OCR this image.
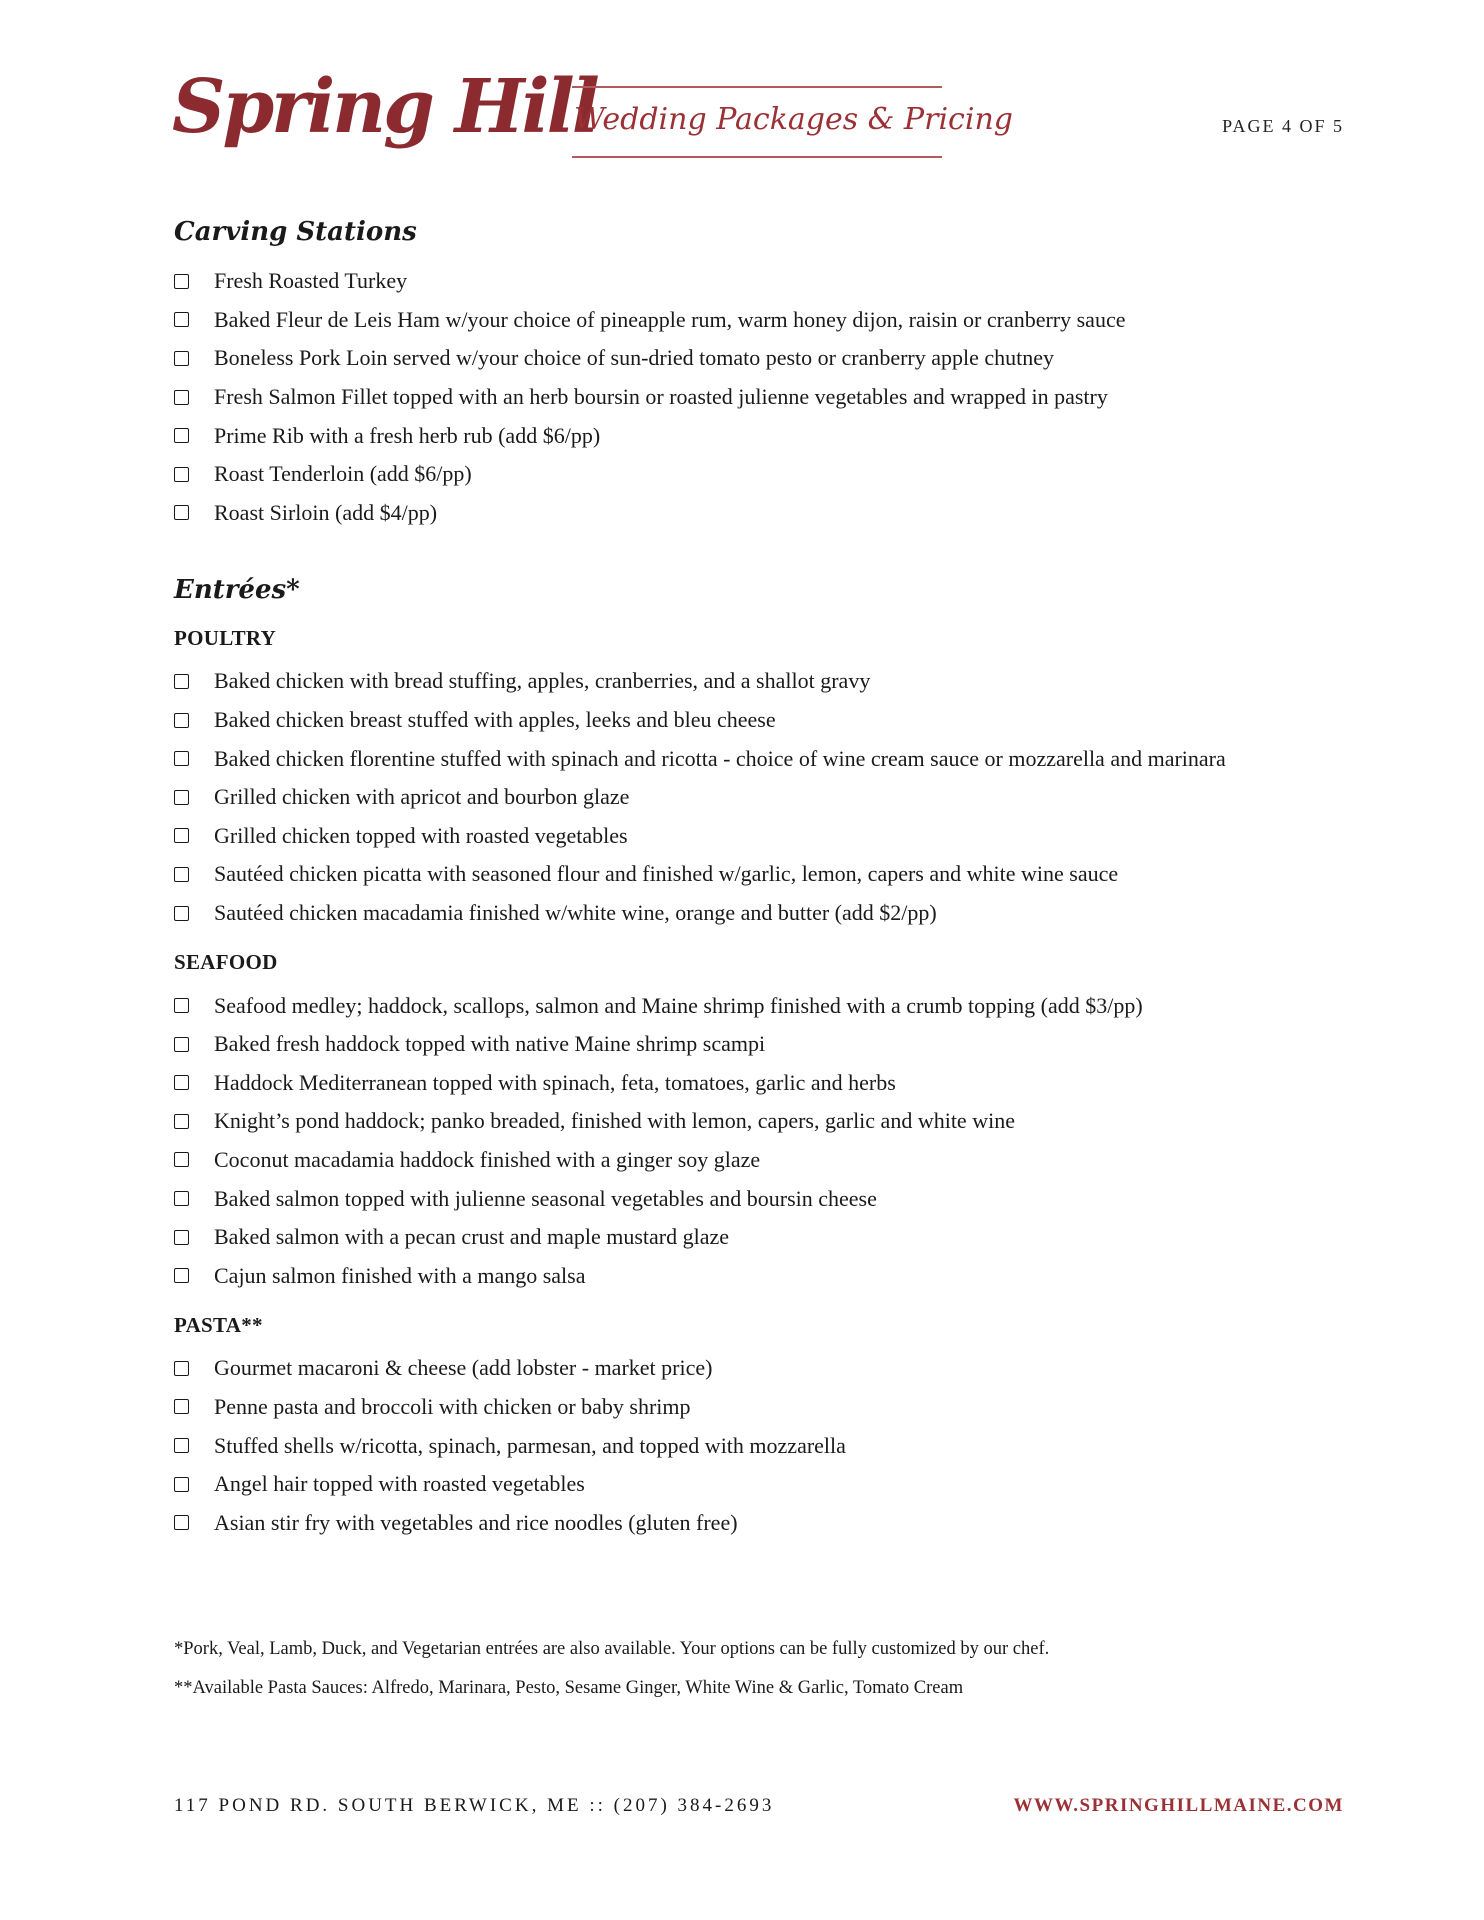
Spring Hill
Wedding Packages & Pricing	PAGE 4 OF 5
Carving Stations
Fresh Roasted Turkey
Baked Fleur de Leis Ham w/your choice of pineapple rum, warm honey dijon, raisin or cranberry sauce
Boneless Pork Loin served w/your choice of sun-dried tomato pesto or cranberry apple chutney
Fresh Salmon Fillet topped with an herb boursin or roasted julienne vegetables and wrapped in pastry
Prime Rib with a fresh herb rub (add $6/pp)
Roast Tenderloin (add $6/pp)
Roast Sirloin (add $4/pp)
Entrées*
POULTRY
Baked chicken with bread stuffing, apples, cranberries, and a shallot gravy
Baked chicken breast stuffed with apples, leeks and bleu cheese
Baked chicken florentine stuffed with spinach and ricotta - choice of wine cream sauce or mozzarella and marinara
Grilled chicken with apricot and bourbon glaze
Grilled chicken topped with roasted vegetables
Sautéed chicken picatta with seasoned flour and finished w/garlic, lemon, capers and white wine sauce
Sautéed chicken macadamia finished w/white wine, orange and butter (add $2/pp)
SEAFOOD
Seafood medley; haddock, scallops, salmon and Maine shrimp finished with a crumb topping (add $3/pp)
Baked fresh haddock topped with native Maine shrimp scampi
Haddock Mediterranean topped with spinach, feta, tomatoes, garlic and herbs
Knight’s pond haddock; panko breaded, finished with lemon, capers, garlic and white wine
Coconut macadamia haddock finished with a ginger soy glaze
Baked salmon topped with julienne seasonal vegetables and boursin cheese
Baked salmon with a pecan crust and maple mustard glaze
Cajun salmon finished with a mango salsa
PASTA**
Gourmet macaroni & cheese (add lobster - market price)
Penne pasta and broccoli with chicken or baby shrimp
Stuffed shells w/ricotta, spinach, parmesan, and topped with mozzarella
Angel hair topped with roasted vegetables
Asian stir fry with vegetables and rice noodles (gluten free)
*Pork, Veal, Lamb, Duck, and Vegetarian entrées are also available. Your options can be fully customized by our chef.
**Available Pasta Sauces: Alfredo, Marinara, Pesto, Sesame Ginger, White Wine & Garlic, Tomato Cream
117 POND RD. SOUTH BERWICK, ME :: (207) 384-2693	WWW.SPRINGHILLMAINE.COM
